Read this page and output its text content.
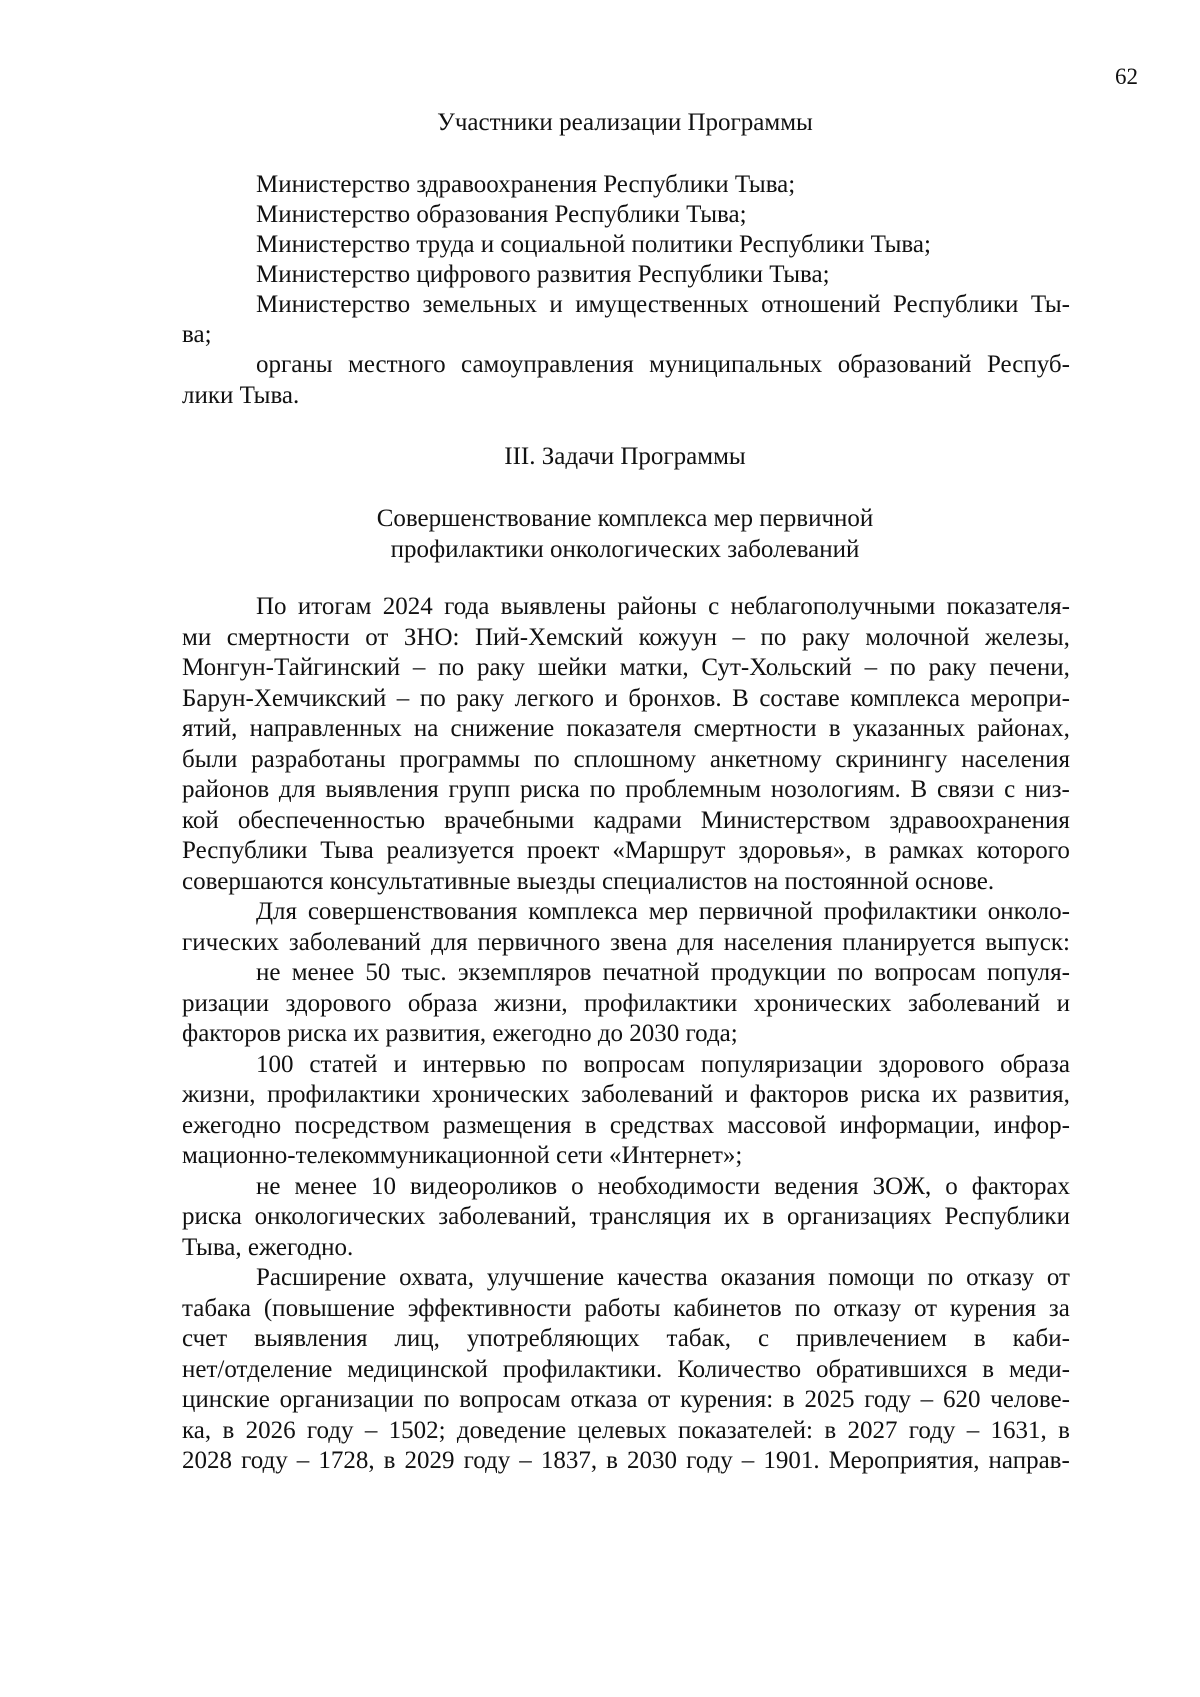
62
Участники реализации Программы
Министерство здравоохранения Республики Тыва;
Министерство образования Республики Тыва;
Министерство труда и социальной политики Республики Тыва;
Министерство цифрового развития Республики Тыва;
Министерство земельных и имущественных отношений Республики Ты-
ва;
органы местного самоуправления муниципальных образований Респуб-
лики Тыва.
III. Задачи Программы
Совершенствование комплекса мер первичной
профилактики онкологических заболеваний
По итогам 2024 года выявлены районы с неблагополучными показателя-
ми смертности от ЗНО: Пий-Хемский кожуун – по раку молочной железы,
Монгун-Тайгинский – по раку шейки матки, Сут-Хольский – по раку печени,
Барун-Хемчикский – по раку легкого и бронхов. В составе комплекса меропри-
ятий, направленных на снижение показателя смертности в указанных районах,
были разработаны программы по сплошному анкетному скринингу населения
районов для выявления групп риска по проблемным нозологиям. В связи с низ-
кой обеспеченностью врачебными кадрами Министерством здравоохранения
Республики Тыва реализуется проект «Маршрут здоровья», в рамках которого
совершаются консультативные выезды специалистов на постоянной основе.
Для совершенствования комплекса мер первичной профилактики онколо-
гических заболеваний для первичного звена для населения планируется выпуск:
не менее 50 тыс. экземпляров печатной продукции по вопросам популя-
ризации здорового образа жизни, профилактики хронических заболеваний и
факторов риска их развития, ежегодно до 2030 года;
100 статей и интервью по вопросам популяризации здорового образа
жизни, профилактики хронических заболеваний и факторов риска их развития,
ежегодно посредством размещения в средствах массовой информации, инфор-
мационно-телекоммуникационной сети «Интернет»;
не менее 10 видеороликов о необходимости ведения ЗОЖ, о факторах
риска онкологических заболеваний, трансляция их в организациях Республики
Тыва, ежегодно.
Расширение охвата, улучшение качества оказания помощи по отказу от
табака (повышение эффективности работы кабинетов по отказу от курения за
счет выявления лиц, употребляющих табак, с привлечением в каби-
нет/отделение медицинской профилактики. Количество обратившихся в меди-
цинские организации по вопросам отказа от курения: в 2025 году – 620 челове-
ка, в 2026 году – 1502; доведение целевых показателей: в 2027 году – 1631, в
2028 году – 1728, в 2029 году – 1837, в 2030 году – 1901. Мероприятия, направ-
